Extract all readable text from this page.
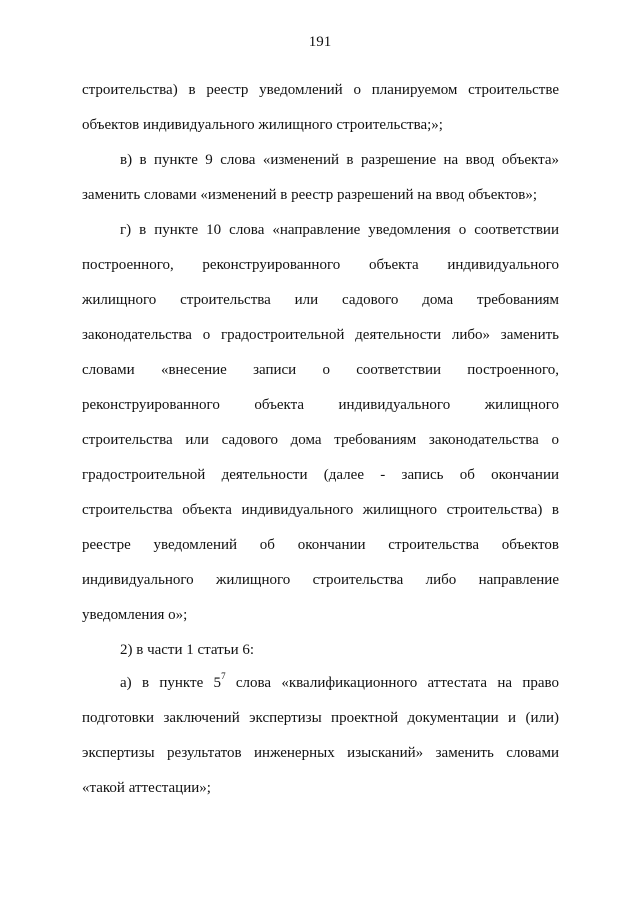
191
строительства) в реестр уведомлений о планируемом строительстве
объектов индивидуального жилищного строительства;»;
в) в пункте 9 слова «изменений в разрешение на ввод объекта»
заменить словами «изменений в реестр разрешений на ввод объектов»;
г) в пункте 10 слова «направление уведомления о соответствии
построенного, реконструированного объекта индивидуального
жилищного строительства или садового дома требованиям
законодательства о градостроительной деятельности либо» заменить
словами «внесение записи о соответствии построенного,
реконструированного объекта индивидуального жилищного
строительства или садового дома требованиям законодательства о
градостроительной деятельности (далее - запись об окончании
строительства объекта индивидуального жилищного строительства) в
реестре уведомлений об окончании строительства объектов
индивидуального жилищного строительства либо направление
уведомления о»;
2) в части 1 статьи 6:
а) в пункте $5^7$ слова «квалификационного аттестата на право
подготовки заключений экспертизы проектной документации и (или)
экспертизы результатов инженерных изысканий» заменить словами
«такой аттестации»;
